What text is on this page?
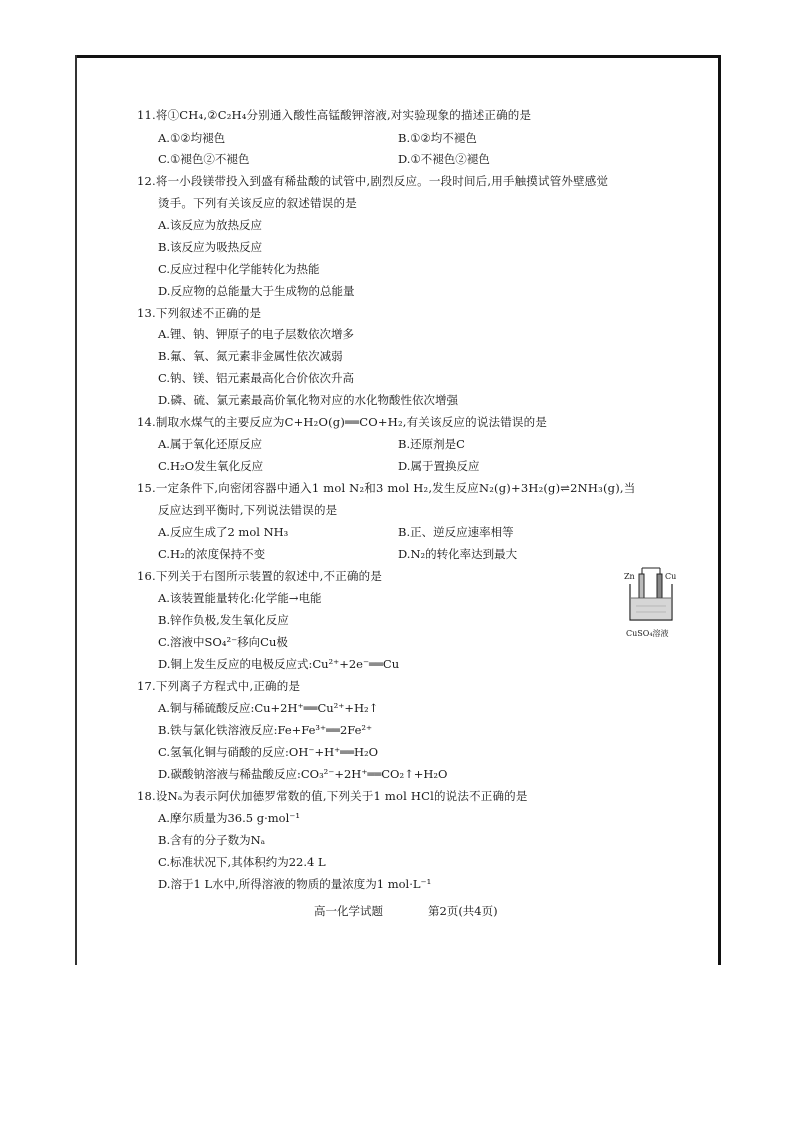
11.将①CH₄,②C₂H₄分别通入酸性高锰酸钾溶液,对实验现象的描述正确的是
A.①②均褪色	B.①②均不褪色
C.①褪色②不褪色	D.①不褪色②褪色
12.将一小段镁带投入到盛有稀盐酸的试管中,剧烈反应。一段时间后,用手触摸试管外壁感觉
烫手。下列有关该反应的叙述错误的是
A.该反应为放热反应
B.该反应为吸热反应
C.反应过程中化学能转化为热能
D.反应物的总能量大于生成物的总能量
13.下列叙述不正确的是
A.锂、钠、钾原子的电子层数依次增多
B.氟、氧、氮元素非金属性依次减弱
C.钠、镁、铝元素最高化合价依次升高
D.磷、硫、氯元素最高价氧化物对应的水化物酸性依次增强
14.制取水煤气的主要反应为C+H₂O(g)══CO+H₂,有关该反应的说法错误的是
A.属于氧化还原反应	B.还原剂是C
C.H₂O发生氧化反应	D.属于置换反应
15.一定条件下,向密闭容器中通入1 mol N₂和3 mol H₂,发生反应N₂(g)+3H₂(g)⇌2NH₃(g),当
反应达到平衡时,下列说法错误的是
A.反应生成了2 mol NH₃	B.正、逆反应速率相等
C.H₂的浓度保持不变	D.N₂的转化率达到最大
16.下列关于右图所示装置的叙述中,不正确的是
A.该装置能量转化:化学能→电能
B.锌作负极,发生氧化反应
C.溶液中SO₄²⁻移向Cu极
D.铜上发生反应的电极反应式:Cu²⁺+2e⁻══Cu
Zn	Cu
CuSO₄溶液
17.下列离子方程式中,正确的是
A.铜与稀硫酸反应:Cu+2H⁺══Cu²⁺+H₂↑
B.铁与氯化铁溶液反应:Fe+Fe³⁺══2Fe²⁺
C.氢氧化铜与硝酸的反应:OH⁻+H⁺══H₂O
D.碳酸钠溶液与稀盐酸反应:CO₃²⁻+2H⁺══CO₂↑+H₂O
18.设Nₐ为表示阿伏加德罗常数的值,下列关于1 mol HCl的说法不正确的是
A.摩尔质量为36.5 g·mol⁻¹
B.含有的分子数为Nₐ
C.标准状况下,其体积约为22.4 L
D.溶于1 L水中,所得溶液的物质的量浓度为1 mol·L⁻¹
高一化学试题	第2页(共4页)
